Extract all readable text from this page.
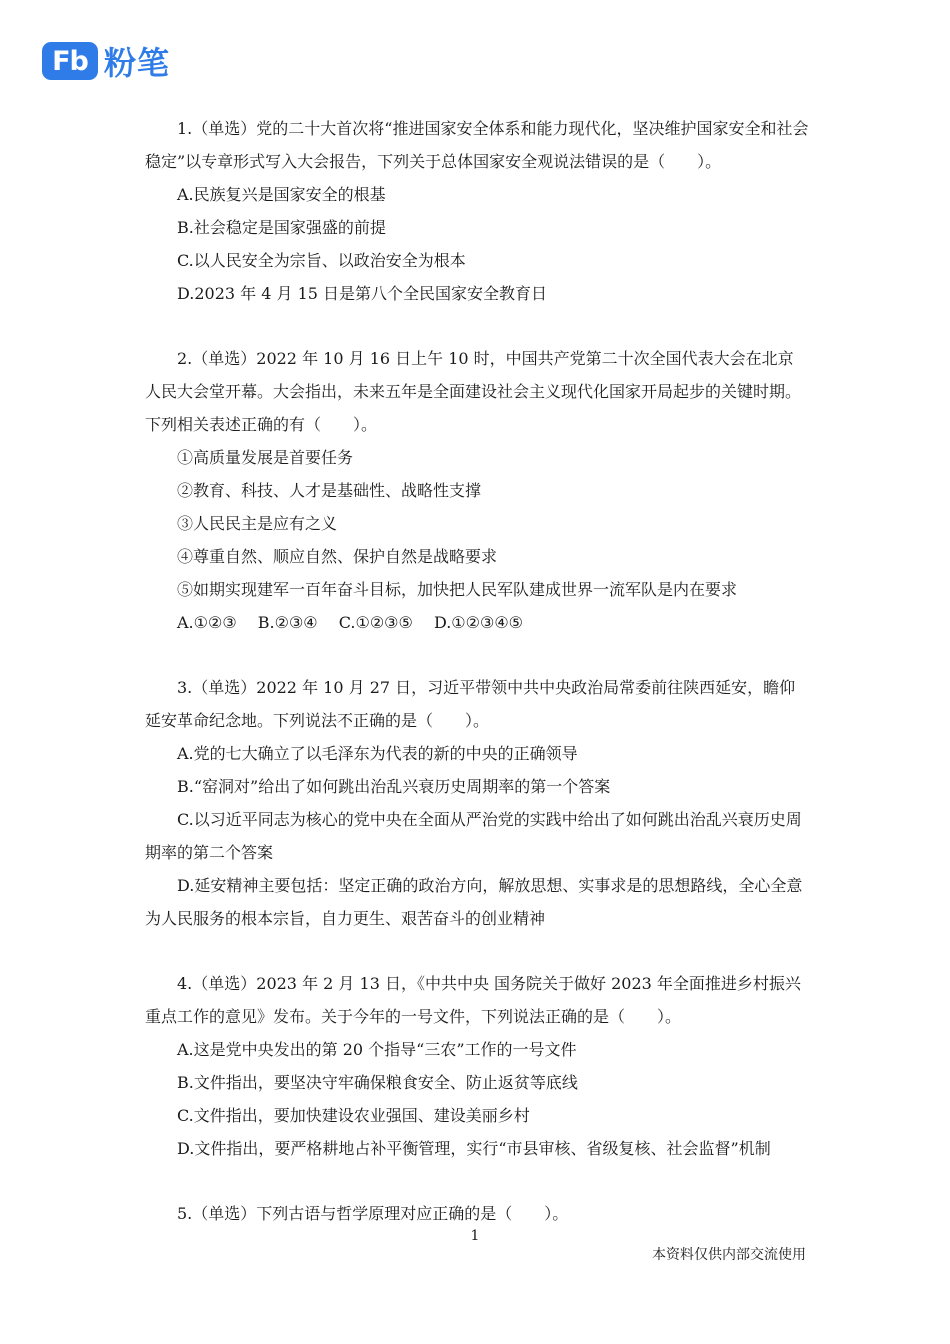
Fb 粉笔

1.（单选）党的二十大首次将“推进国家安全体系和能力现代化，坚决维护国家安全和社会稳定”以专章形式写入大会报告，下列关于总体国家安全观说法错误的是（　　）。

A.民族复兴是国家安全的根基

B.社会稳定是国家强盛的前提

C.以人民安全为宗旨、以政治安全为根本

D.2023 年 4 月 15 日是第八个全民国家安全教育日

2.（单选）2022 年 10 月 16 日上午 10 时，中国共产党第二十次全国代表大会在北京人民大会堂开幕。大会指出，未来五年是全面建设社会主义现代化国家开局起步的关键时期。下列相关表述正确的有（　　）。

①高质量发展是首要任务

②教育、科技、人才是基础性、战略性支撑

③人民民主是应有之义

④尊重自然、顺应自然、保护自然是战略要求

⑤如期实现建军一百年奋斗目标，加快把人民军队建成世界一流军队是内在要求

A.①②③　 B.②③④　 C.①②③⑤　 D.①②③④⑤

3.（单选）2022 年 10 月 27 日，习近平带领中共中央政治局常委前往陕西延安，瞻仰延安革命纪念地。下列说法不正确的是（　　）。

A.党的七大确立了以毛泽东为代表的新的中央的正确领导

B.“窑洞对”给出了如何跳出治乱兴衰历史周期率的第一个答案

C.以习近平同志为核心的党中央在全面从严治党的实践中给出了如何跳出治乱兴衰历史周期率的第二个答案

D.延安精神主要包括：坚定正确的政治方向，解放思想、实事求是的思想路线，全心全意为人民服务的根本宗旨，自力更生、艰苦奋斗的创业精神

4.（单选）2023 年 2 月 13 日，《中共中央 国务院关于做好 2023 年全面推进乡村振兴重点工作的意见》发布。关于今年的一号文件，下列说法正确的是（　　）。

A.这是党中央发出的第 20 个指导“三农”工作的一号文件

B.文件指出，要坚决守牢确保粮食安全、防止返贫等底线

C.文件指出，要加快建设农业强国、建设美丽乡村

D.文件指出，要严格耕地占补平衡管理，实行“市县审核、省级复核、社会监督”机制

5.（单选）下列古语与哲学原理对应正确的是（　　）。

1
本资料仅供内部交流使用
